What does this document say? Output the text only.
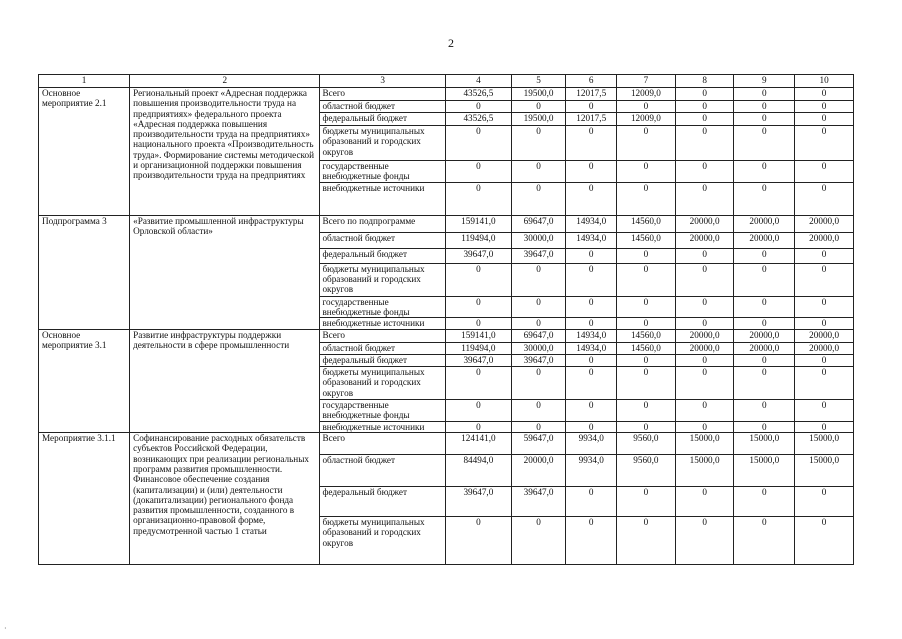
2
1	2	3	4	5	6	7	8	9	10
Основное мероприятие 2.1	Региональный проект «Адресная поддержка повышения производительности труда на предприятиях» федерального проекта «Адресная поддержка повышения производительности труда на предприятиях» национального проекта «Производительность труда». Формирование системы методической и организационной поддержки повышения производительности труда на предприятиях	Всего	43526,5	19500,0	12017,5	12009,0	0	0	0
		областной бюджет	0	0	0	0	0	0	0
		федеральный бюджет	43526,5	19500,0	12017,5	12009,0	0	0	0
		бюджеты муниципальных образований и городских округов	0	0	0	0	0	0	0
		государственные внебюджетные фонды	0	0	0	0	0	0	0
		внебюджетные источники	0	0	0	0	0	0	0
Подпрограмма 3	«Развитие промышленной инфраструктуры Орловской области»	Всего по подпрограмме	159141,0	69647,0	14934,0	14560,0	20000,0	20000,0	20000,0
		областной бюджет	119494,0	30000,0	14934,0	14560,0	20000,0	20000,0	20000,0
		федеральный бюджет	39647,0	39647,0	0	0	0	0	0
		бюджеты муниципальных образований и городских округов	0	0	0	0	0	0	0
		государственные внебюджетные фонды	0	0	0	0	0	0	0
		внебюджетные источники	0	0	0	0	0	0	0
Основное мероприятие 3.1	Развитие инфраструктуры поддержки деятельности в сфере промышленности	Всего	159141,0	69647,0	14934,0	14560,0	20000,0	20000,0	20000,0
		областной бюджет	119494,0	30000,0	14934,0	14560,0	20000,0	20000,0	20000,0
		федеральный бюджет	39647,0	39647,0	0	0	0	0	0
		бюджеты муниципальных образований и городских округов	0	0	0	0	0	0	0
		государственные внебюджетные фонды	0	0	0	0	0	0	0
		внебюджетные источники	0	0	0	0	0	0	0
Мероприятие 3.1.1	Софинансирование расходных обязательств субъектов Российской Федерации, возникающих при реализации региональных программ развития промышленности. Финансовое обеспечение создания (капитализации) и (или) деятельности (докапитализации) регионального фонда развития промышленности, созданного в организационно-правовой форме, предусмотренной частью 1 статьи	Всего	124141,0	59647,0	9934,0	9560,0	15000,0	15000,0	15000,0
		областной бюджет	84494,0	20000,0	9934,0	9560,0	15000,0	15000,0	15000,0
		федеральный бюджет	39647,0	39647,0	0	0	0	0	0
		бюджеты муниципальных образований и городских округов	0	0	0	0	0	0	0
·
